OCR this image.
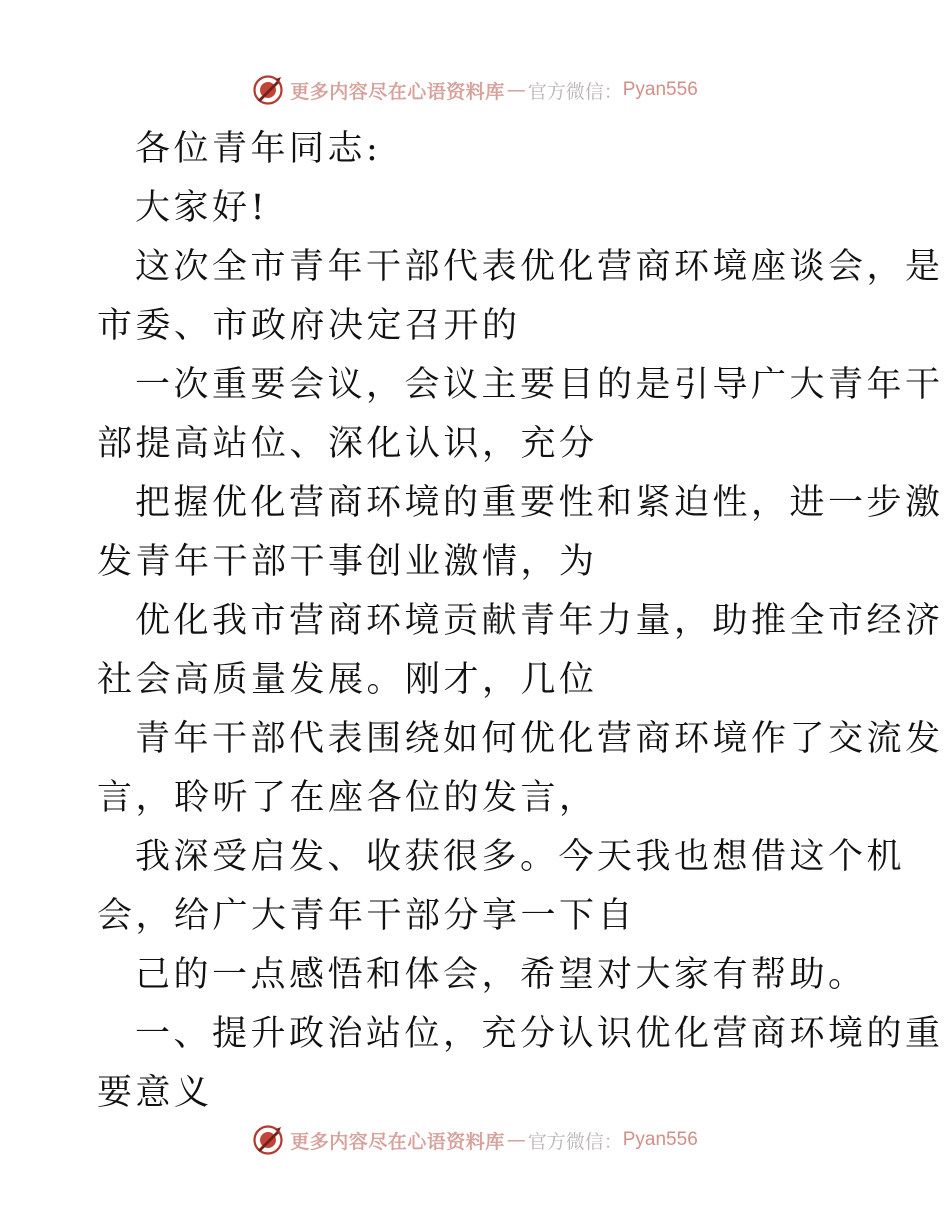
更多内容尽在心语资料库 — 官方微信： Pyan556
各位青年同志:
大家好!
这次全市青年干部代表优化营商环境座谈会，是
市委、市政府决定召开的
一次重要会议，会议主要目的是引导广大青年干
部提高站位、深化认识，充分
把握优化营商环境的重要性和紧迫性，进一步激
发青年干部干事创业激情，为
优化我市营商环境贡献青年力量，助推全市经济
社会高质量发展。刚才，几位
青年干部代表围绕如何优化营商环境作了交流发
言，聆听了在座各位的发言，
我深受启发、收获很多。今天我也想借这个机
会，给广大青年干部分享一下自
己的一点感悟和体会，希望对大家有帮助。
一、提升政治站位，充分认识优化营商环境的重
要意义
更多内容尽在心语资料库 — 官方微信： Pyan556
